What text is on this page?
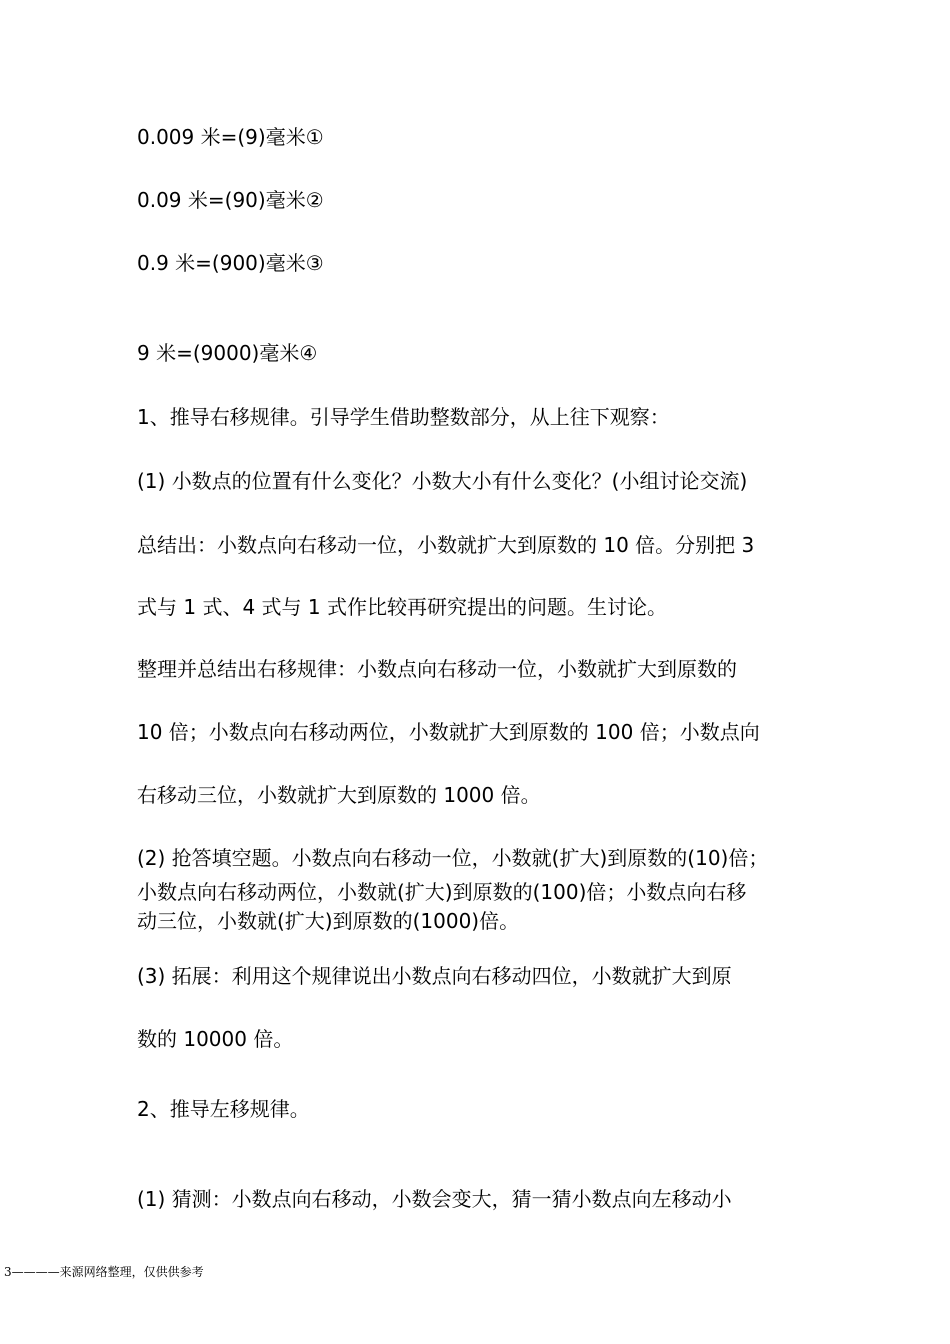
0.009 米=(9)毫米①
0.09 米=(90)毫米②
0.9 米=(900)毫米③
9 米=(9000)毫米④
1、推导右移规律。引导学生借助整数部分，从上往下观察：
(1) 小数点的位置有什么变化？小数大小有什么变化？(小组讨论交流)
总结出：小数点向右移动一位，小数就扩大到原数的 10 倍。分别把 3
式与 1 式、4 式与 1 式作比较再研究提出的问题。生讨论。
整理并总结出右移规律：小数点向右移动一位，小数就扩大到原数的
10 倍；小数点向右移动两位，小数就扩大到原数的 100 倍；小数点向
右移动三位，小数就扩大到原数的 1000 倍。
(2) 抢答填空题。小数点向右移动一位，小数就(扩大)到原数的(10)倍；
小数点向右移动两位，小数就(扩大)到原数的(100)倍；小数点向右移
动三位，小数就(扩大)到原数的(1000)倍。
(3) 拓展：利用这个规律说出小数点向右移动四位，小数就扩大到原
数的 10000 倍。
2、推导左移规律。
(1) 猜测：小数点向右移动，小数会变大，猜一猜小数点向左移动小
3————来源网络整理，仅供供参考
